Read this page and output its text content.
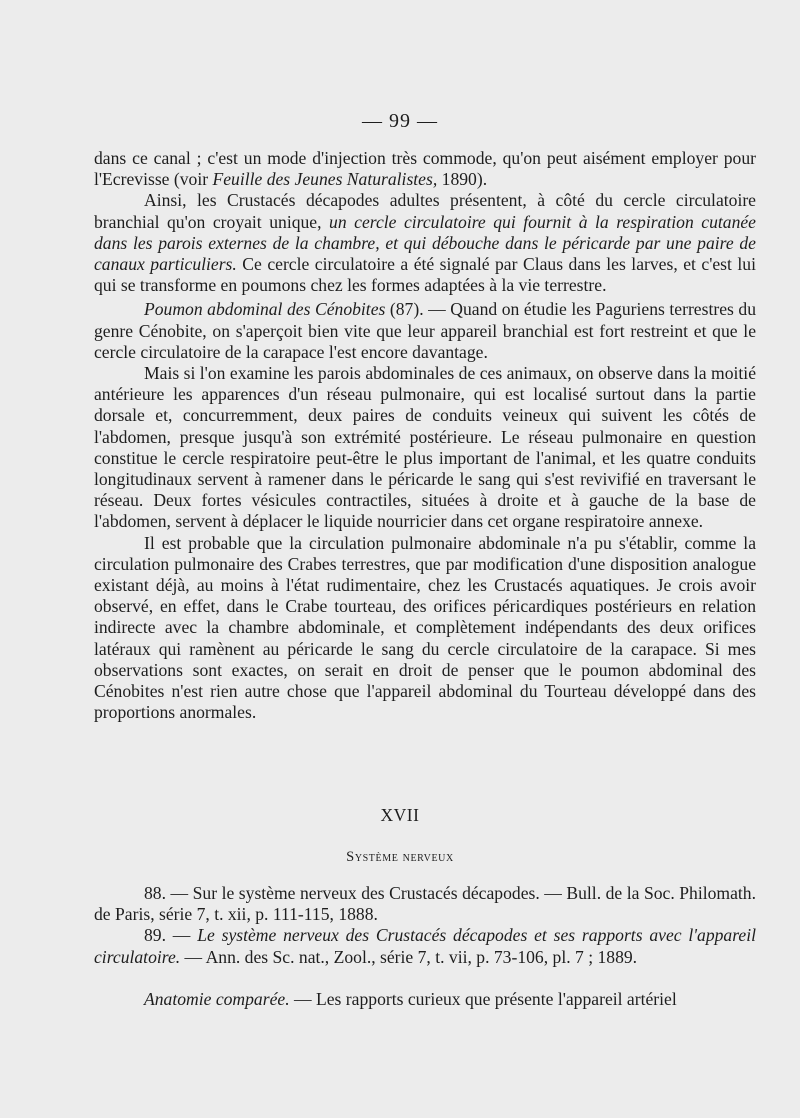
— 99 —

dans ce canal ; c'est un mode d'injection très commode, qu'on peut aisément employer pour l'Ecrevisse (voir Feuille des Jeunes Naturalistes, 1890).

Ainsi, les Crustacés décapodes adultes présentent, à côté du cercle circulatoire branchial qu'on croyait unique, un cercle circulatoire qui fournit à la respiration cutanée dans les parois externes de la chambre, et qui débouche dans le péricarde par une paire de canaux particuliers. Ce cercle circulatoire a été signalé par Claus dans les larves, et c'est lui qui se transforme en poumons chez les formes adaptées à la vie terrestre.

Poumon abdominal des Cénobites (87). — Quand on étudie les Paguriens terrestres du genre Cénobite, on s'aperçoit bien vite que leur appareil branchial est fort restreint et que le cercle circulatoire de la carapace l'est encore davantage.

Mais si l'on examine les parois abdominales de ces animaux, on observe dans la moitié antérieure les apparences d'un réseau pulmonaire, qui est localisé surtout dans la partie dorsale et, concurremment, deux paires de conduits veineux qui suivent les côtés de l'abdomen, presque jusqu'à son extrémité postérieure. Le réseau pulmonaire en question constitue le cercle respiratoire peut-être le plus important de l'animal, et les quatre conduits longitudinaux servent à ramener dans le péricarde le sang qui s'est revivifié en traversant le réseau. Deux fortes vésicules contractiles, situées à droite et à gauche de la base de l'abdomen, servent à déplacer le liquide nourricier dans cet organe respiratoire annexe.

Il est probable que la circulation pulmonaire abdominale n'a pu s'établir, comme la circulation pulmonaire des Crabes terrestres, que par modification d'une disposition analogue existant déjà, au moins à l'état rudimentaire, chez les Crustacés aquatiques. Je crois avoir observé, en effet, dans le Crabe tourteau, des orifices péricardiques postérieurs en relation indirecte avec la chambre abdominale, et complètement indépendants des deux orifices latéraux qui ramènent au péricarde le sang du cercle circulatoire de la carapace. Si mes observations sont exactes, on serait en droit de penser que le poumon abdominal des Cénobites n'est rien autre chose que l'appareil abdominal du Tourteau développé dans des proportions anormales.

XVII
Système nerveux

88. — Sur le système nerveux des Crustacés décapodes. — Bull. de la Soc. Philomath. de Paris, série 7, t. xii, p. 111-115, 1888.

89. — Le système nerveux des Crustacés décapodes et ses rapports avec l'appareil circulatoire. — Ann. des Sc. nat., Zool., série 7, t. vii, p. 73-106, pl. 7 ; 1889.

Anatomie comparée. — Les rapports curieux que présente l'appareil artériel
